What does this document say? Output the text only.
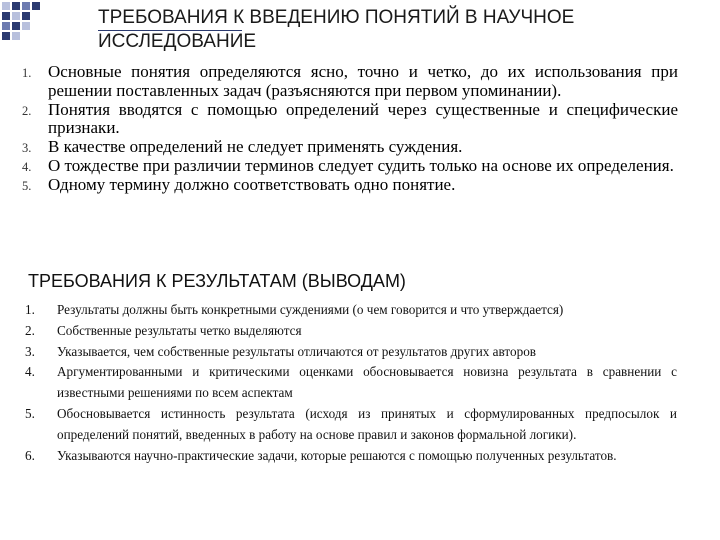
ТРЕБОВАНИЯ К ВВЕДЕНИЮ ПОНЯТИЙ В НАУЧНОЕ ИССЛЕДОВАНИЕ
1. Основные понятия определяются ясно, точно и четко, до их использования при решении поставленных задач (разъясняются при первом упоминании).
2. Понятия вводятся с помощью определений через существенные и специфические признаки.
3. В качестве определений не следует применять суждения.
4. О тождестве при различии терминов следует судить только на основе их определения.
5. Одному термину должно соответствовать одно понятие.
ТРЕБОВАНИЯ К РЕЗУЛЬТАТАМ (ВЫВОДАМ)
1. Результаты должны быть конкретными суждениями (о чем говорится и что утверждается)
2. Собственные результаты четко выделяются
3. Указывается, чем собственные результаты отличаются от результатов других авторов
4. Аргументированными и критическими оценками обосновывается новизна результата в сравнении с известными решениями по всем аспектам
5. Обосновывается истинность результата (исходя из принятых и сформулированных предпосылок и определений понятий, введенных в работу на основе правил и законов формальной логики).
6. Указываются научно-практические задачи, которые решаются с помощью полученных результатов.
